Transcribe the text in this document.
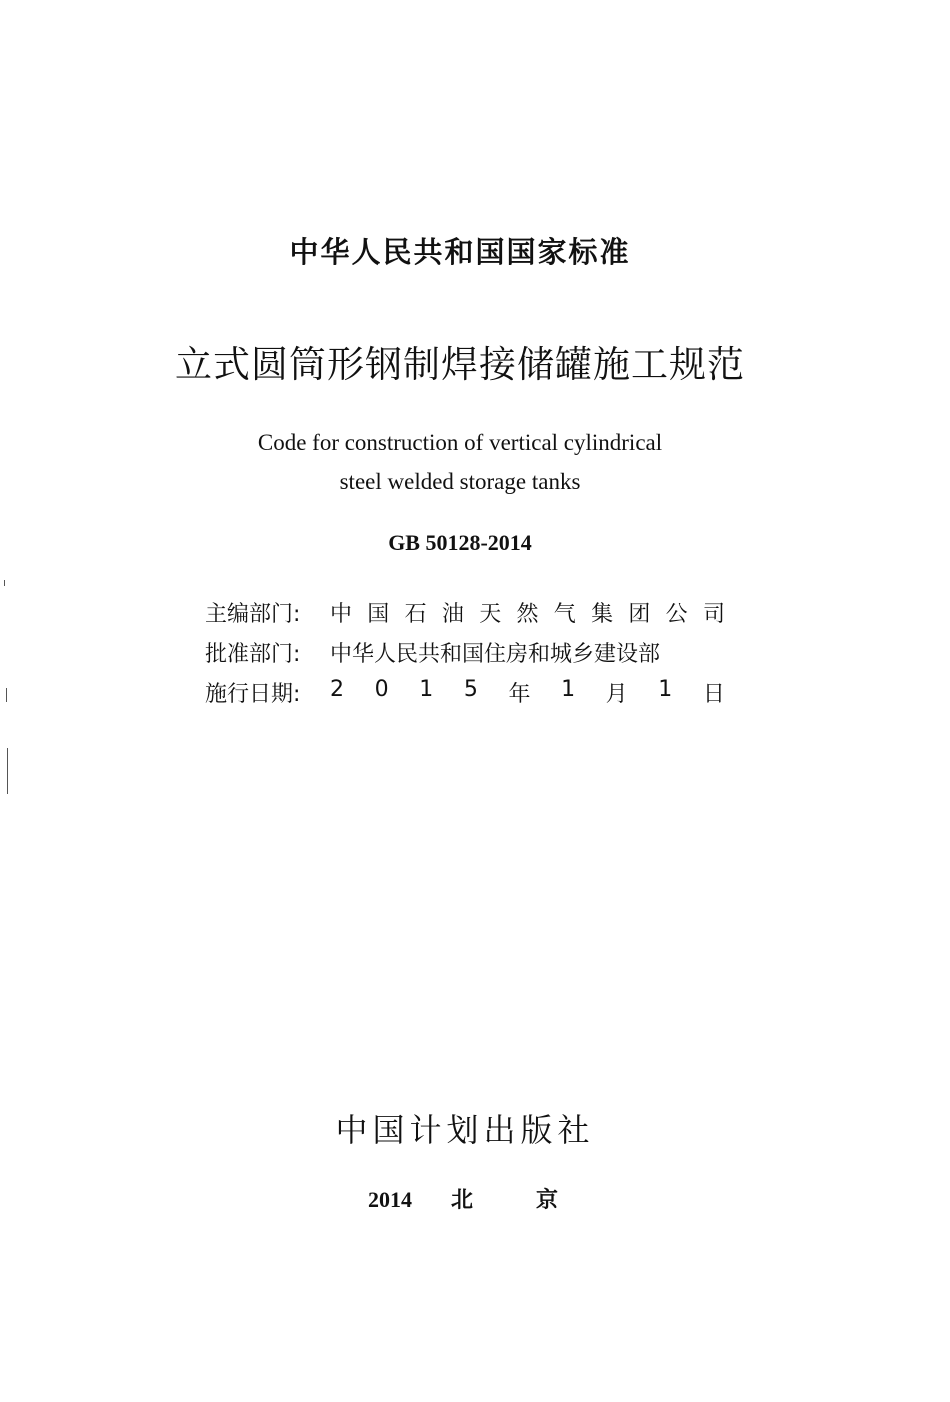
中华人民共和国国家标准
立式圆筒形钢制焊接储罐施工规范
Code for construction of vertical cylindrical
steel welded storage tanks
GB 50128-2014
主编部门:	中 国 石 油 天 然 气 集 团 公 司
批准部门:	中华人民共和国住房和城乡建设部
施行日期:	2 0 1 5 年 1 月 1 日
中国计划出版社
2014 北	京
